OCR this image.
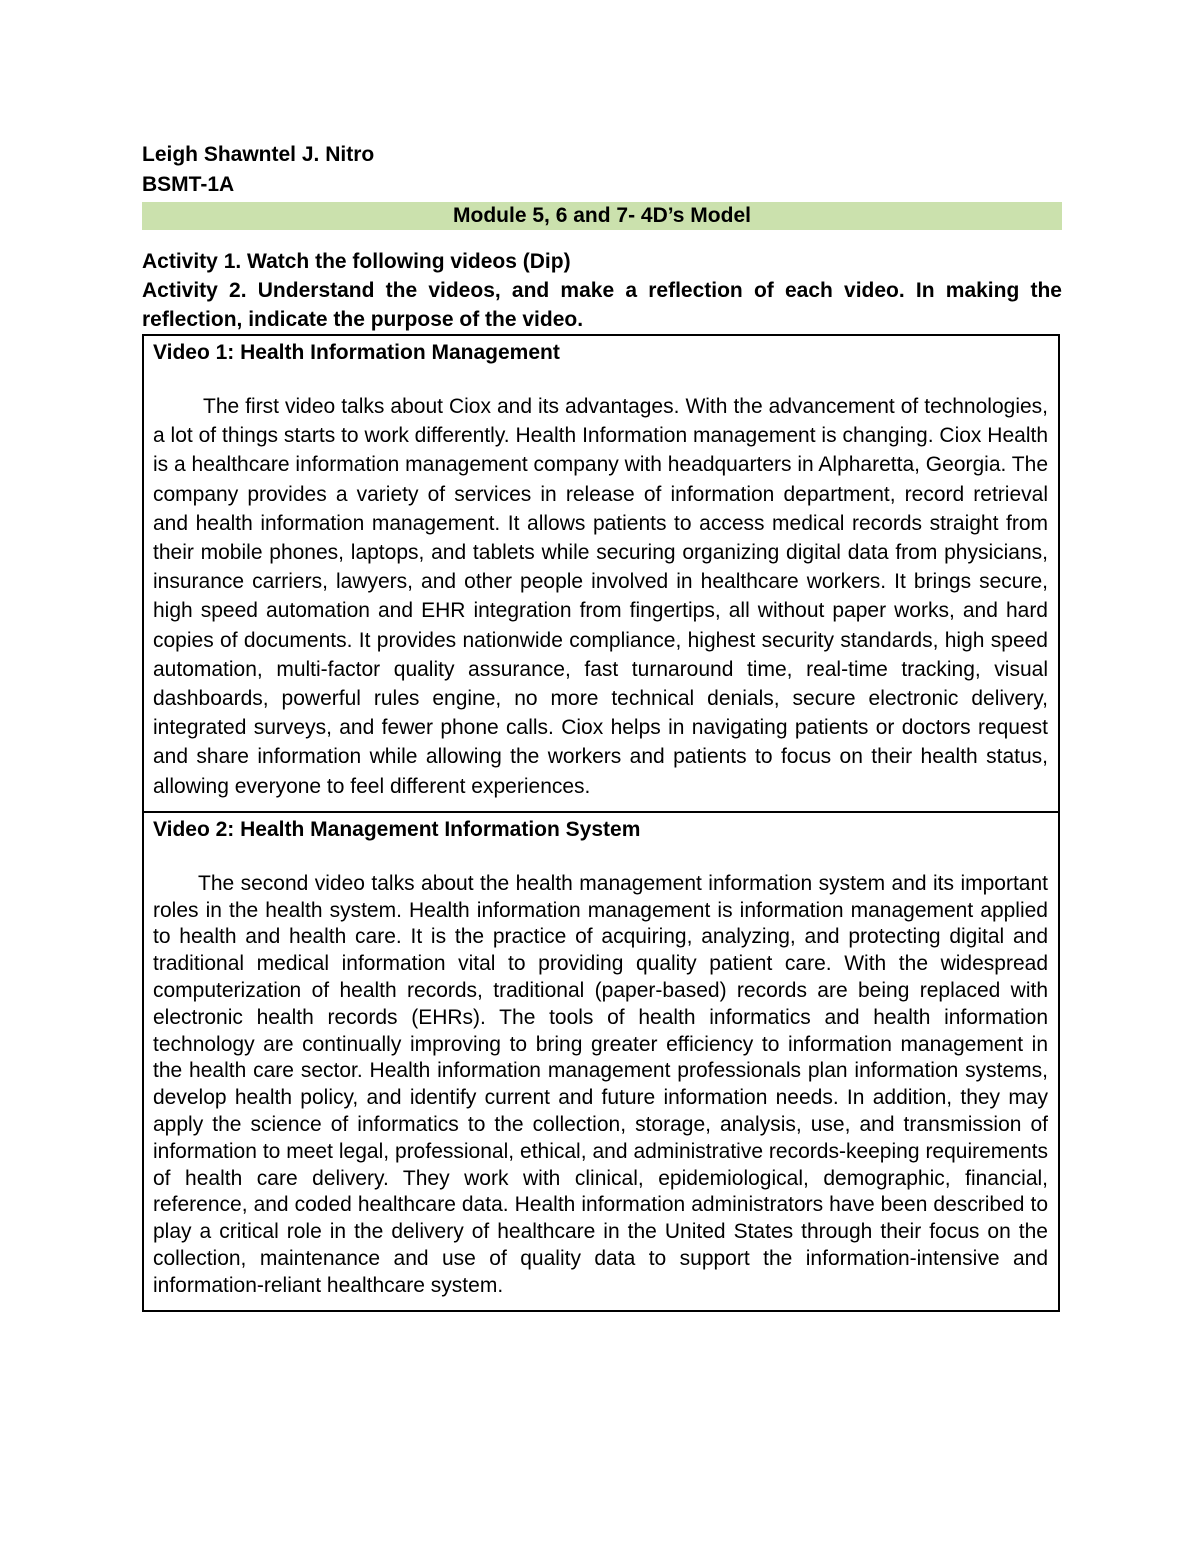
Leigh Shawntel J. Nitro

BSMT-1A

Module 5, 6 and 7- 4D’s Model

Activity 1. Watch the following videos (Dip)

Activity 2. Understand the videos, and make a reflection of each video. In making the reflection, indicate the purpose of the video.

Video 1: Health Information Management

The first video talks about Ciox and its advantages. With the advancement of technologies, a lot of things starts to work differently. Health Information management is changing. Ciox Health is a healthcare information management company with headquarters in Alpharetta, Georgia. The company provides a variety of services in release of information department, record retrieval and health information management. It allows patients to access medical records straight from their mobile phones, laptops, and tablets while securing organizing digital data from physicians, insurance carriers, lawyers, and other people involved in healthcare workers. It brings secure, high speed automation and EHR integration from fingertips, all without paper works, and hard copies of documents. It provides nationwide compliance, highest security standards, high speed automation, multi-factor quality assurance, fast turnaround time, real-time tracking, visual dashboards, powerful rules engine, no more technical denials, secure electronic delivery, integrated surveys, and fewer phone calls. Ciox helps in navigating patients or doctors request and share information while allowing the workers and patients to focus on their health status, allowing everyone to feel different experiences.

Video 2: Health Management Information System

The second video talks about the health management information system and its important roles in the health system. Health information management is information management applied to health and health care. It is the practice of acquiring, analyzing, and protecting digital and traditional medical information vital to providing quality patient care. With the widespread computerization of health records, traditional (paper-based) records are being replaced with electronic health records (EHRs). The tools of health informatics and health information technology are continually improving to bring greater efficiency to information management in the health care sector. Health information management professionals plan information systems, develop health policy, and identify current and future information needs. In addition, they may apply the science of informatics to the collection, storage, analysis, use, and transmission of information to meet legal, professional, ethical, and administrative records-keeping requirements of health care delivery. They work with clinical, epidemiological, demographic, financial, reference, and coded healthcare data. Health information administrators have been described to play a critical role in the delivery of healthcare in the United States through their focus on the collection, maintenance and use of quality data to support the information-intensive and information-reliant healthcare system.
